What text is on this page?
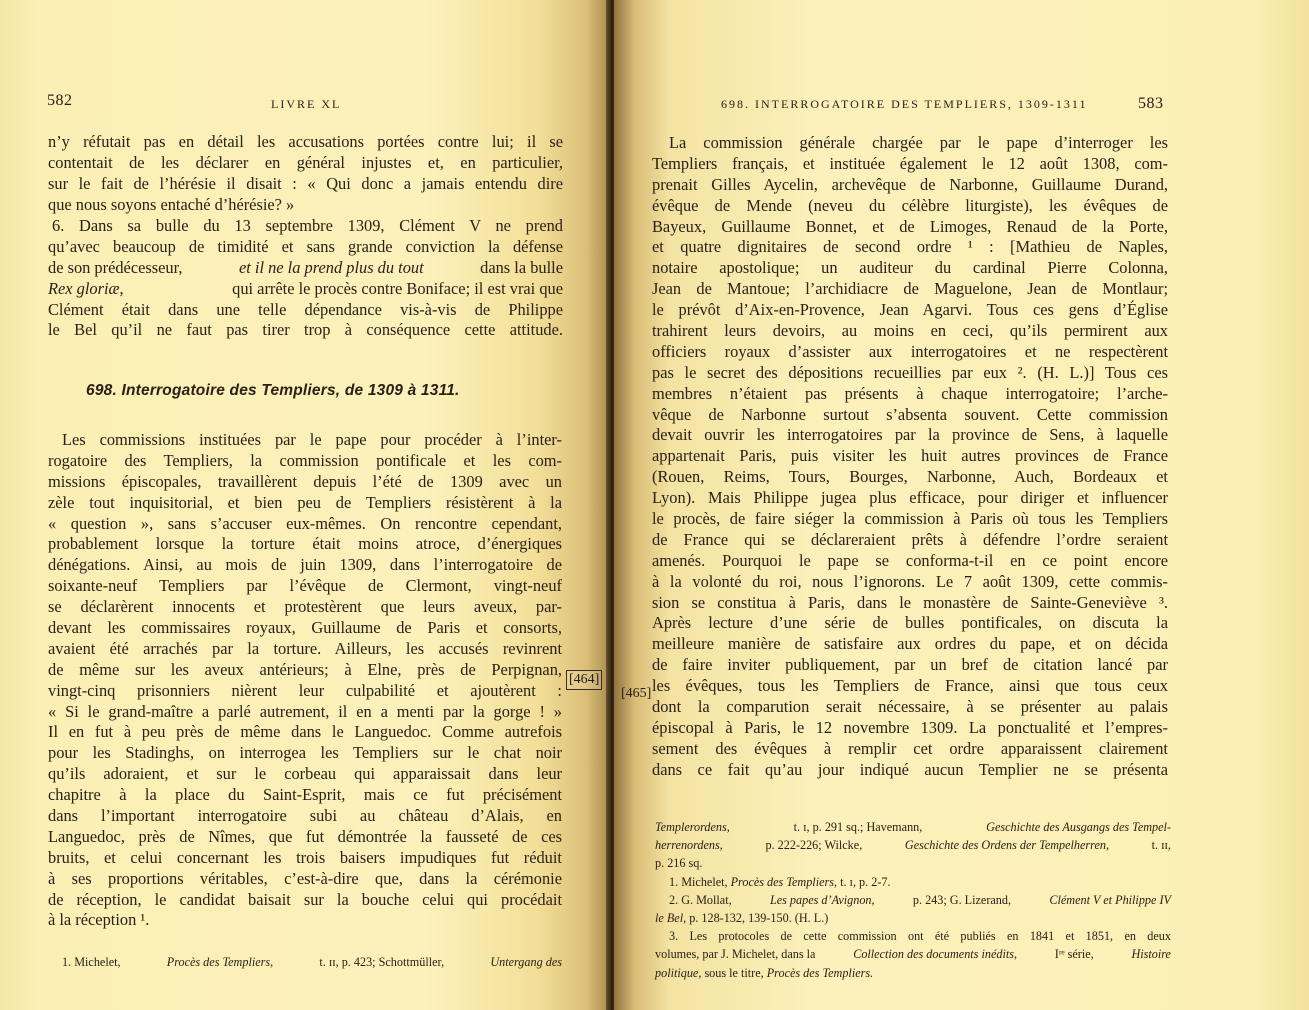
582	LIVRE XL
n’y réfutait pas en détail les accusations portées contre lui; il se
contentait de les déclarer en général injustes et, en particulier,
sur le fait de l’hérésie il disait : « Qui donc a jamais entendu dire
que nous soyons entaché d’hérésie? »
6. Dans sa bulle du 13 septembre 1309, Clément V ne prend
qu’avec beaucoup de timidité et sans grande conviction la défense
de son prédécesseur,	et il ne la prend plus du tout	dans la bulle
Rex gloriæ,	qui arrête le procès contre Boniface; il est vrai que
Clément était dans une telle dépendance vis-à-vis de Philippe
le Bel qu’il ne faut pas tirer trop à conséquence cette attitude.
698. Interrogatoire des Templiers, de 1309 à 1311.
Les commissions instituées par le pape pour procéder à l’inter-
rogatoire des Templiers, la commission pontificale et les com-
missions épiscopales, travaillèrent depuis l’été de 1309 avec un
zèle tout inquisitorial, et bien peu de Templiers résistèrent à la
« question », sans s’accuser eux-mêmes. On rencontre cependant,
probablement lorsque la torture était moins atroce, d’énergiques
dénégations. Ainsi, au mois de juin 1309, dans l’interrogatoire de
soixante-neuf Templiers par l’évêque de Clermont, vingt-neuf
se déclarèrent innocents et protestèrent que leurs aveux, par-
devant les commissaires royaux, Guillaume de Paris et consorts,
avaient été arrachés par la torture. Ailleurs, les accusés revinrent
de même sur les aveux antérieurs; à Elne, près de Perpignan,
vingt-cinq prisonniers nièrent leur culpabilité et ajoutèrent :
« Si le grand-maître a parlé autrement, il en a menti par la gorge ! »
Il en fut à peu près de même dans le Languedoc. Comme autrefois
pour les Stadinghs, on interrogea les Templiers sur le chat noir
qu’ils adoraient, et sur le corbeau qui apparaissait dans leur
chapitre à la place du Saint-Esprit, mais ce fut précisément
dans l’important interrogatoire subi au château d’Alais, en
Languedoc, près de Nîmes, que fut démontrée la fausseté de ces
bruits, et celui concernant les trois baisers impudiques fut réduit
à ses proportions véritables, c’est-à-dire que, dans la cérémonie
de réception, le candidat baisait sur la bouche celui qui procédait
à la réception ¹.
1. Michelet,	Procès des Templiers,	t. ɪɪ, p. 423; Schottmüller,	Untergang des
698. INTERROGATOIRE DES TEMPLIERS, 1309-1311	583
La commission générale chargée par le pape d’interroger les
Templiers français, et instituée également le 12 août 1308, com-
prenait Gilles Aycelin, archevêque de Narbonne, Guillaume Durand,
évêque de Mende (neveu du célèbre liturgiste), les évêques de
Bayeux, Guillaume Bonnet, et de Limoges, Renaud de la Porte,
et quatre dignitaires de second ordre ¹ : [Mathieu de Naples,
notaire apostolique; un auditeur du cardinal Pierre Colonna,
Jean de Mantoue; l’archidiacre de Maguelone, Jean de Montlaur;
le prévôt d’Aix-en-Provence, Jean Agarvi. Tous ces gens d’Église
trahirent leurs devoirs, au moins en ceci, qu’ils permirent aux
officiers royaux d’assister aux interrogatoires et ne respectèrent
pas le secret des dépositions recueillies par eux ². (H. L.)] Tous ces
membres n’étaient pas présents à chaque interrogatoire; l’arche-
vêque de Narbonne surtout s’absenta souvent. Cette commission
devait ouvrir les interrogatoires par la province de Sens, à laquelle
appartenait Paris, puis visiter les huit autres provinces de France
(Rouen, Reims, Tours, Bourges, Narbonne, Auch, Bordeaux et
Lyon). Mais Philippe jugea plus efficace, pour diriger et influencer
le procès, de faire siéger la commission à Paris où tous les Templiers
de France qui se déclareraient prêts à défendre l’ordre seraient
amenés. Pourquoi le pape se conforma-t-il en ce point encore
à la volonté du roi, nous l’ignorons. Le 7 août 1309, cette commis-
sion se constitua à Paris, dans le monastère de Sainte-Geneviève ³.
Après lecture d’une série de bulles pontificales, on discuta la
meilleure manière de satisfaire aux ordres du pape, et on décida
de faire inviter publiquement, par un bref de citation lancé par
les évêques, tous les Templiers de France, ainsi que tous ceux
dont la comparution serait nécessaire, à se présenter au palais
épiscopal à Paris, le 12 novembre 1309. La ponctualité et l’empres-
sement des évêques à remplir cet ordre apparaissent clairement
dans ce fait qu’au jour indiqué aucun Templier ne se présenta
Templerordens,	t. ɪ, p. 291 sq.; Havemann,	Geschichte des Ausgangs des Tempel-
herrenordens,	p. 222-226; Wilcke,	Geschichte des Ordens der Tempelherren,	t. ɪɪ,
p. 216 sq.
1. Michelet, Procès des Templiers, t. ɪ, p. 2-7.
2. G. Mollat,	Les papes d’Avignon,	p. 243; G. Lizerand,	Clément V et Philippe IV
le Bel, p. 128-132, 139-150. (H. L.)
3. Les protocoles de cette commission ont été publiés en 1841 et 1851, en deux
volumes, par J. Michelet, dans la	Collection des documents inédits,	Iʳᵉ série,	Histoire
politique, sous le titre, Procès des Templiers.
[464]
[465]
